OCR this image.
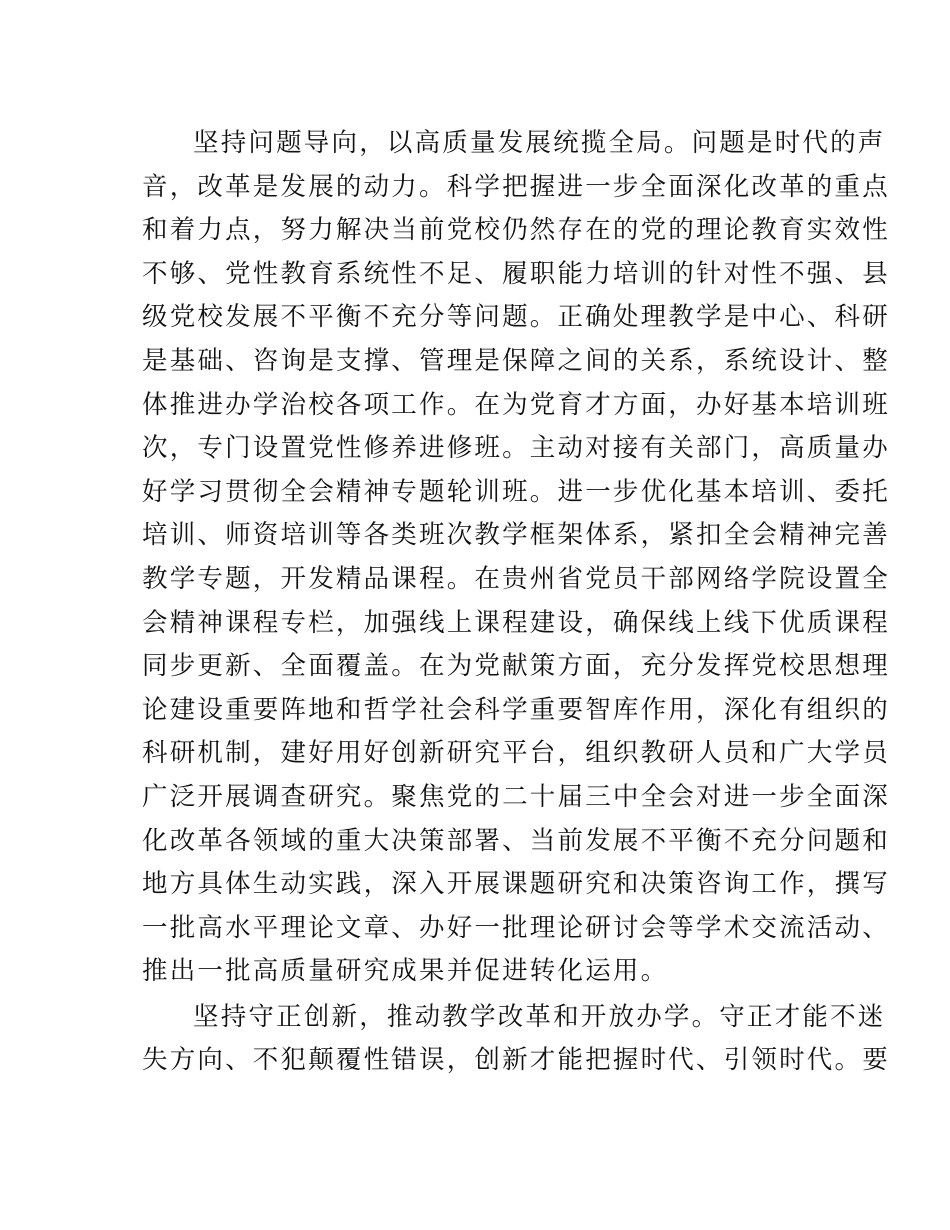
坚持问题导向，以高质量发展统揽全局。问题是时代的声
音，改革是发展的动力。科学把握进一步全面深化改革的重点
和着力点，努力解决当前党校仍然存在的党的理论教育实效性
不够、党性教育系统性不足、履职能力培训的针对性不强、县
级党校发展不平衡不充分等问题。正确处理教学是中心、科研
是基础、咨询是支撑、管理是保障之间的关系，系统设计、整
体推进办学治校各项工作。在为党育才方面，办好基本培训班
次，专门设置党性修养进修班。主动对接有关部门，高质量办
好学习贯彻全会精神专题轮训班。进一步优化基本培训、委托
培训、师资培训等各类班次教学框架体系，紧扣全会精神完善
教学专题，开发精品课程。在贵州省党员干部网络学院设置全
会精神课程专栏，加强线上课程建设，确保线上线下优质课程
同步更新、全面覆盖。在为党献策方面，充分发挥党校思想理
论建设重要阵地和哲学社会科学重要智库作用，深化有组织的
科研机制，建好用好创新研究平台，组织教研人员和广大学员
广泛开展调查研究。聚焦党的二十届三中全会对进一步全面深
化改革各领域的重大决策部署、当前发展不平衡不充分问题和
地方具体生动实践，深入开展课题研究和决策咨询工作，撰写
一批高水平理论文章、办好一批理论研讨会等学术交流活动、
推出一批高质量研究成果并促进转化运用。
坚持守正创新，推动教学改革和开放办学。守正才能不迷
失方向、不犯颠覆性错误，创新才能把握时代、引领时代。要
